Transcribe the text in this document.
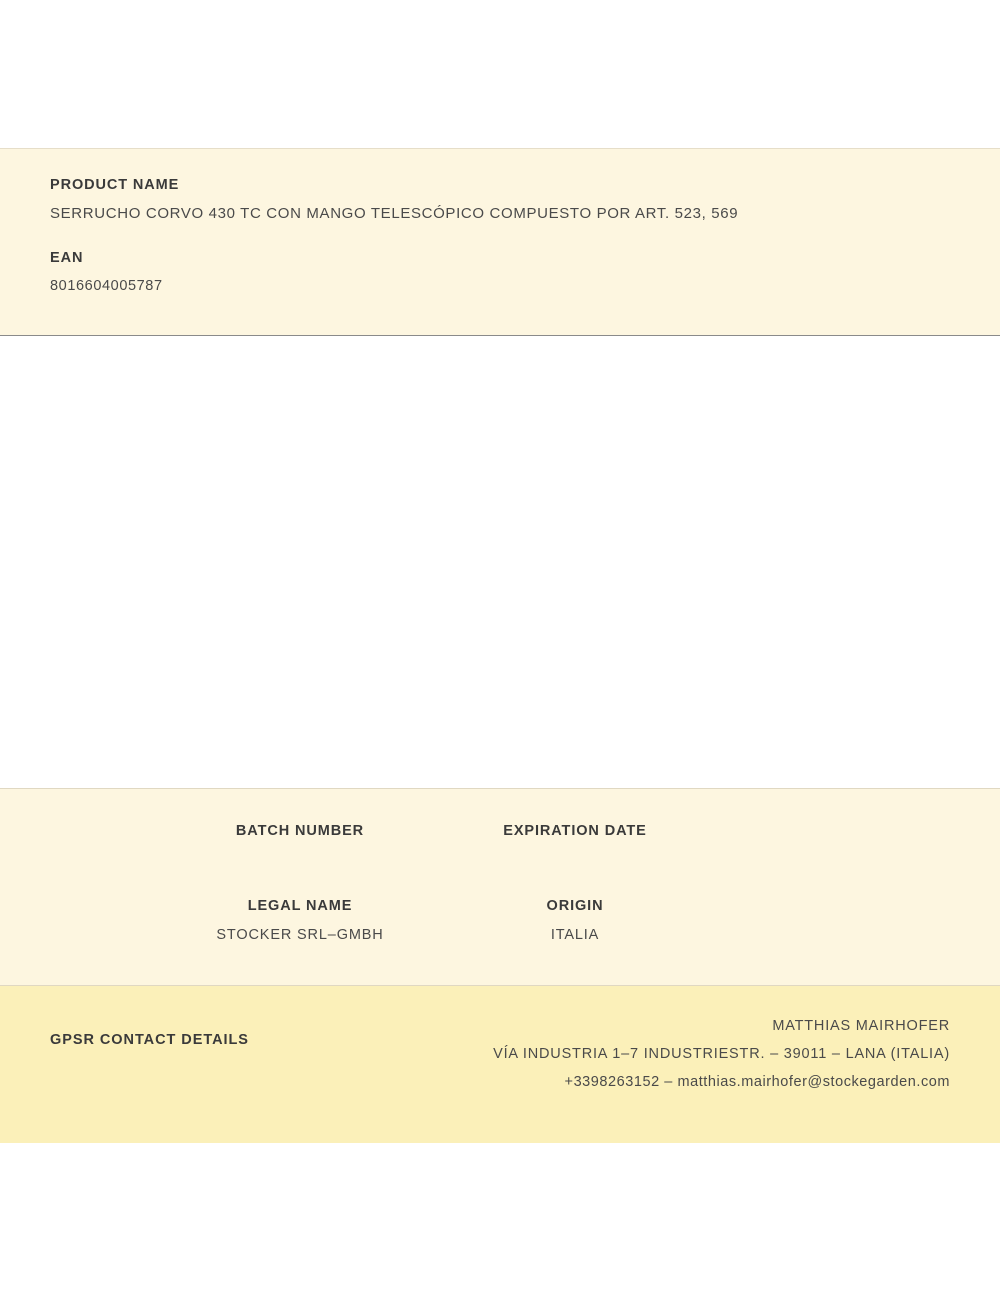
PRODUCT NAME
SERRUCHO CORVO 430 TC CON MANGO TELESCÓPICO COMPUESTO POR ART. 523, 569
EAN
8016604005787
BATCH NUMBER	EXPIRATION DATE
LEGAL NAME
STOCKER SRL–GMBH
ORIGIN
ITALIA
GPSR CONTACT DETAILS
MATTHIAS MAIRHOFER
VÍA INDUSTRIA 1–7 INDUSTRIESTR. – 39011 – LANA (ITALIA)
+3398263152 – matthias.mairhofer@stockegarden.com
